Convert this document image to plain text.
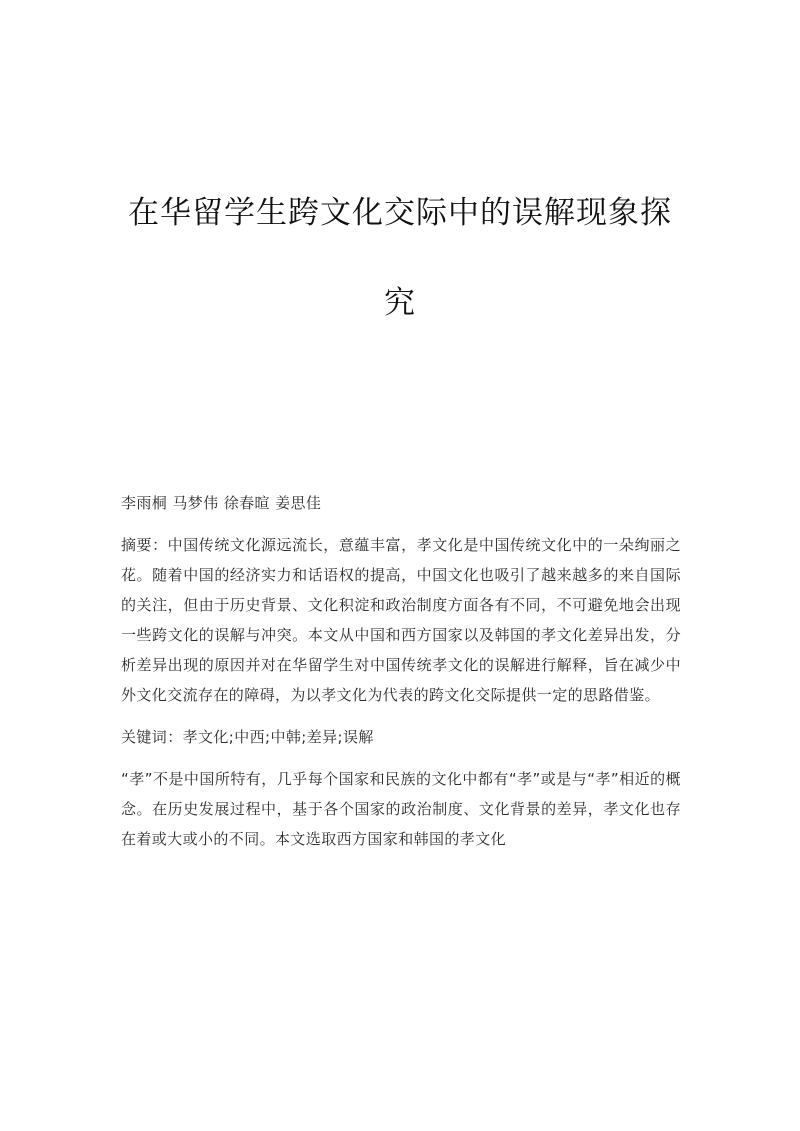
在华留学生跨文化交际中的误解现象探
究

李雨桐 马梦伟 徐春暄 姜思佳

摘要：中国传统文化源远流长，意蕴丰富，孝文化是中国传统文化中的一朵绚丽之花。随着中国的经济实力和话语权的提高，中国文化也吸引了越来越多的来自国际的关注，但由于历史背景、文化积淀和政治制度方面各有不同，不可避免地会出现一些跨文化的误解与冲突。本文从中国和西方国家以及韩国的孝文化差异出发，分析差异出现的原因并对在华留学生对中国传统孝文化的误解进行解释，旨在减少中外文化交流存在的障碍，为以孝文化为代表的跨文化交际提供一定的思路借鉴。

关键词：孝文化;中西;中韩;差异;误解

“孝”不是中国所特有，几乎每个国家和民族的文化中都有“孝”或是与“孝”相近的概念。在历史发展过程中，基于各个国家的政治制度、文化背景的差异，孝文化也存在着或大或小的不同。本文选取西方国家和韩国的孝文化
